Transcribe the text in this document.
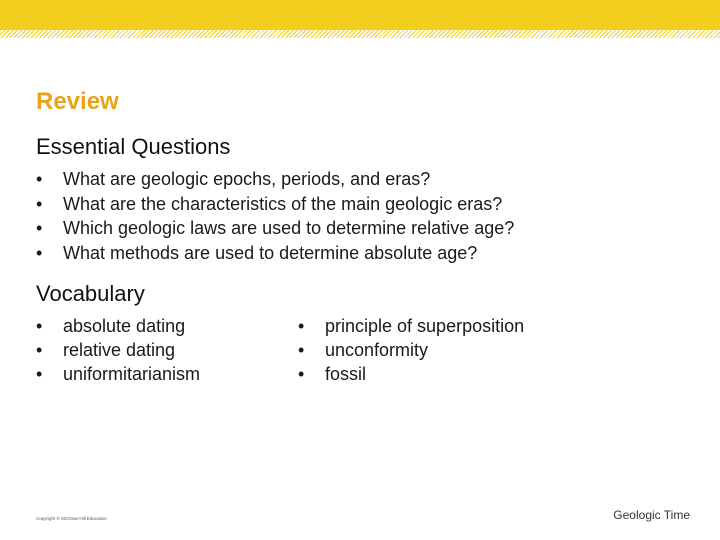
Review
Essential Questions
• What are geologic epochs, periods, and eras?
• What are the characteristics of the main geologic eras?
• Which geologic laws are used to determine relative age?
• What methods are used to determine absolute age?
Vocabulary
• absolute dating
• relative dating
• uniformitarianism
• principle of superposition
• unconformity
• fossil
Copyright © McGraw-Hill Education	Geologic Time
